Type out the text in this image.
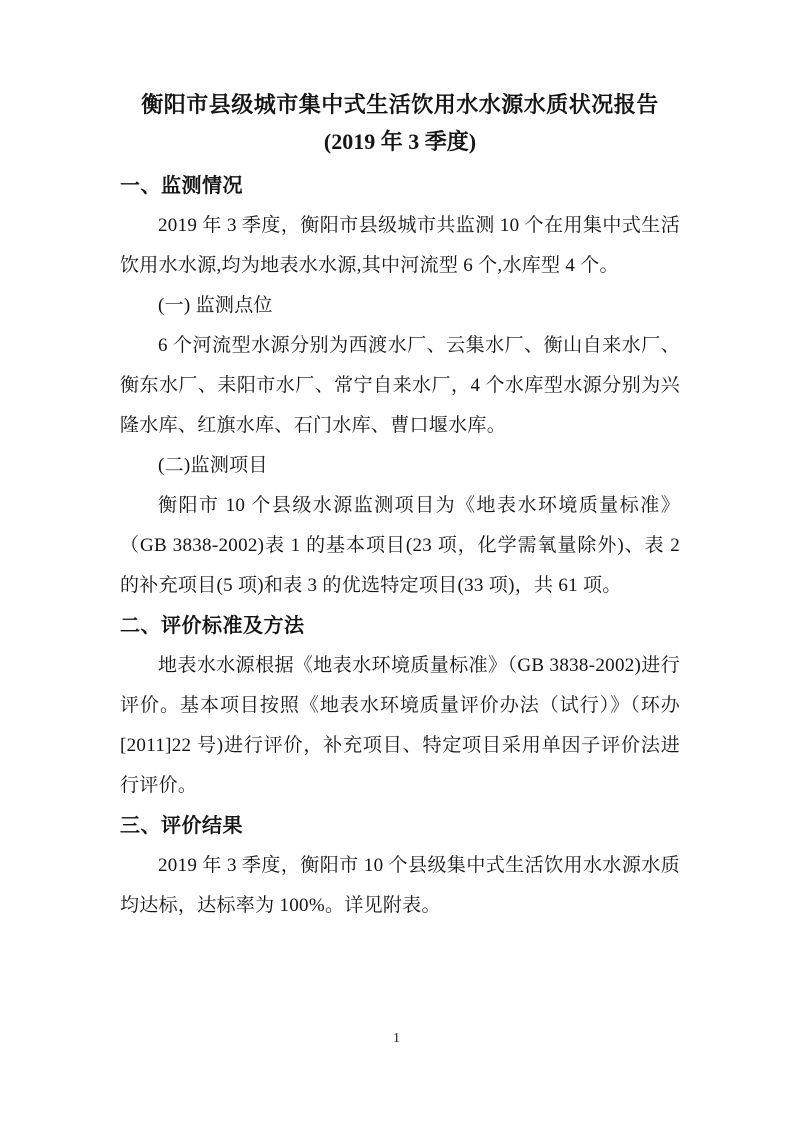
衡阳市县级城市集中式生活饮用水水源水质状况报告
(2019 年 3 季度)
一、监测情况

2019 年 3 季度，衡阳市县级城市共监测 10 个在用集中式生活饮用水水源,均为地表水水源,其中河流型 6 个,水库型 4 个。

(一) 监测点位

6 个河流型水源分别为西渡水厂、云集水厂、衡山自来水厂、衡东水厂、耒阳市水厂、常宁自来水厂，4 个水库型水源分别为兴隆水库、红旗水库、石门水库、曹口堰水库。

(二)监测项目

衡阳市 10 个县级水源监测项目为《地表水环境质量标准》（GB 3838-2002)表 1 的基本项目(23 项，化学需氧量除外)、表 2 的补充项目(5 项)和表 3 的优选特定项目(33 项)，共 61 项。

二、评价标准及方法

地表水水源根据《地表水环境质量标准》（GB 3838-2002)进行评价。基本项目按照《地表水环境质量评价办法（试行）》（环办[2011]22 号)进行评价，补充项目、特定项目采用单因子评价法进行评价。

三、评价结果

2019 年 3 季度，衡阳市 10 个县级集中式生活饮用水水源水质均达标，达标率为 100%。详见附表。

1
